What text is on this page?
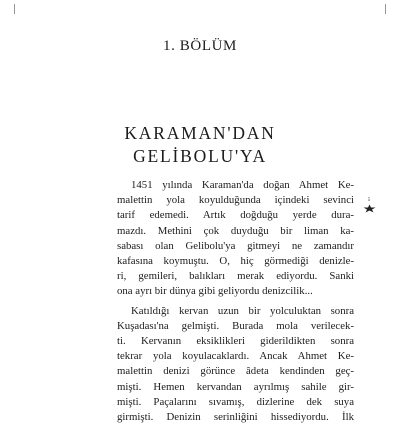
1. BÖLÜM
KARAMAN'DAN
GELİBOLU'YA
5

1451 yılında Karaman'da doğan Ahmet Ke-
malettin yola koyulduğunda içindeki sevinci
tarif edemedi. Artık doğduğu yerde dura-
mazdı. Methini çok duyduğu bir liman ka-
sabası olan Gelibolu'ya gitmeyi ne zamandır
kafasına koymuştu. O, hiç görmediği denizle-
ri, gemileri, balıkları merak ediyordu. Sanki
ona ayrı bir dünya gibi geliyordu denizcilik...

Katıldığı kervan uzun bir yolculuktan sonra
Kuşadası'na gelmişti. Burada mola verilecek-
ti. Kervanın eksiklikleri giderildikten sonra
tekrar yola koyulacaklardı. Ancak Ahmet Ke-
malettin denizi görünce âdeta kendinden geç-
mişti. Hemen kervandan ayrılmış sahile gir-
mişti. Paçalarını sıvamış, dizlerine dek suya
girmişti. Denizin serinliğini hissediyordu. İlk
